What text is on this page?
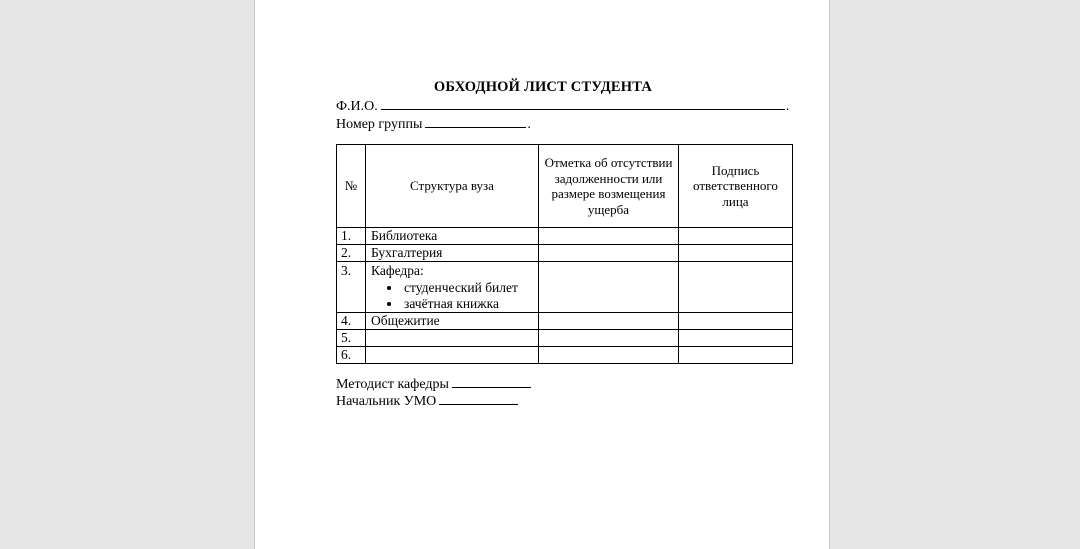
ОБХОДНОЙ ЛИСТ СТУДЕНТА
Ф.И.О.	.
Номер группы	.
№	Структура вуза	Отметка об отсутствии задолженности или размере возмещения ущерба	Подпись ответственного лица
1.	Библиотека		
2.	Бухгалтерия		
3.	Кафедра:
• студенческий билет
• зачётная книжка

4.	Общежитие		
5.			
6.			
Методист кафедры
Начальник УМО
